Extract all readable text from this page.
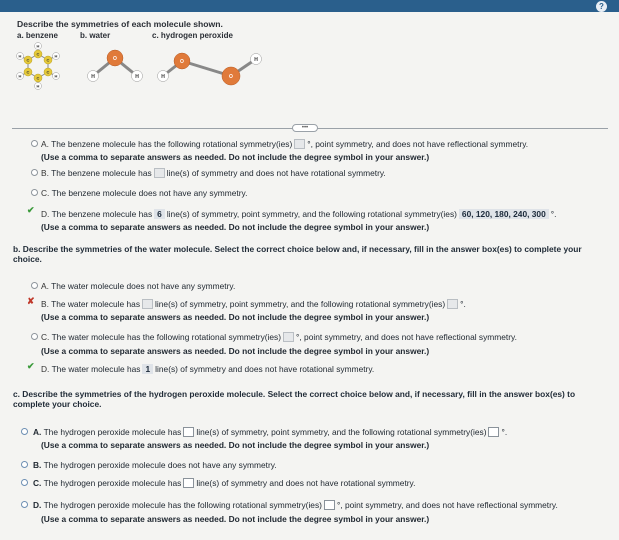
?
Describe the symmetries of each molecule shown.
a. benzene	b. water	c. hydrogen peroxide
C
C
C
C
C
C
H
H
H
H
H
H
O
H	H
O
O
H
H
•••
A. The benzene molecule has the following rotational symmetry(ies) °, point symmetry, and does not have reflectional symmetry.
(Use a comma to separate answers as needed. Do not include the degree symbol in your answer.)
B. The benzene molecule has line(s) of symmetry and does not have rotational symmetry.
C. The benzene molecule does not have any symmetry.
✔ D. The benzene molecule has 6 line(s) of symmetry, point symmetry, and the following rotational symmetry(ies) 60, 120, 180, 240, 300 °.
(Use a comma to separate answers as needed. Do not include the degree symbol in your answer.)
b. Describe the symmetries of the water molecule. Select the correct choice below and, if necessary, fill in the answer box(es) to complete your
choice.
A. The water molecule does not have any symmetry.
✘ B. The water molecule has line(s) of symmetry, point symmetry, and the following rotational symmetry(ies) °.
(Use a comma to separate answers as needed. Do not include the degree symbol in your answer.)
C. The water molecule has the following rotational symmetry(ies) °, point symmetry, and does not have reflectional symmetry.
(Use a comma to separate answers as needed. Do not include the degree symbol in your answer.)
✔ D. The water molecule has 1 line(s) of symmetry and does not have rotational symmetry.
c. Describe the symmetries of the hydrogen peroxide molecule. Select the correct choice below and, if necessary, fill in the answer box(es) to
complete your choice.
A. The hydrogen peroxide molecule has line(s) of symmetry, point symmetry, and the following rotational symmetry(ies) °.
(Use a comma to separate answers as needed. Do not include the degree symbol in your answer.)
B. The hydrogen peroxide molecule does not have any symmetry.
C. The hydrogen peroxide molecule has line(s) of symmetry and does not have rotational symmetry.
D. The hydrogen peroxide molecule has the following rotational symmetry(ies) °, point symmetry, and does not have reflectional symmetry.
(Use a comma to separate answers as needed. Do not include the degree symbol in your answer.)
